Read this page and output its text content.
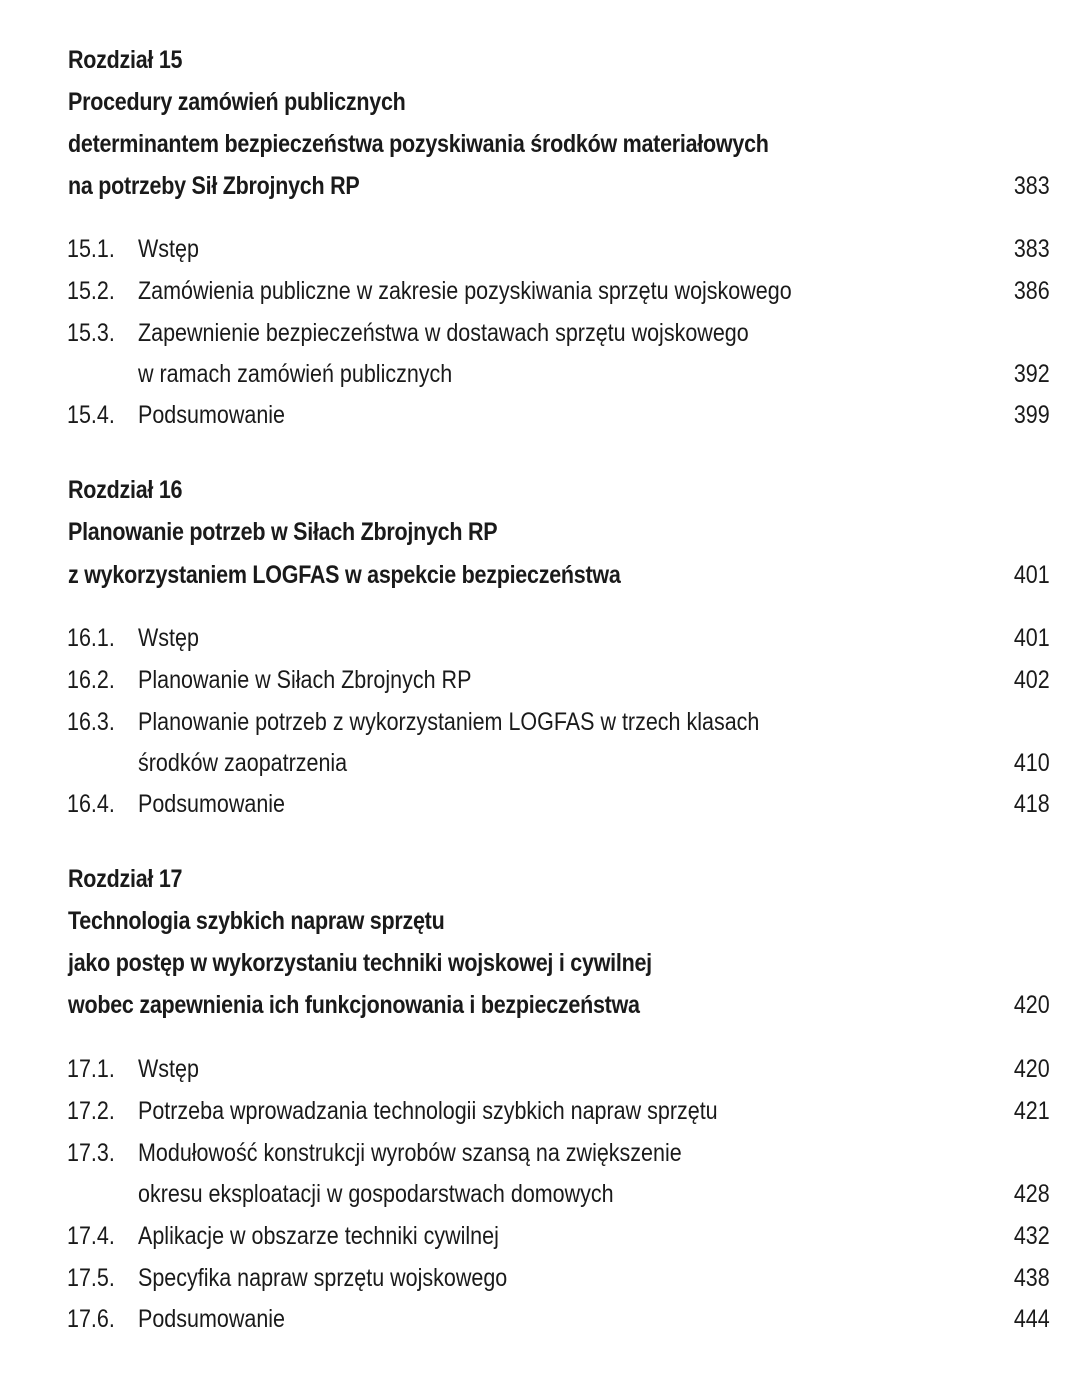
Rozdział 15
Procedury zamówień publicznych
determinantem bezpieczeństwa pozyskiwania środków materiałowych
na potrzeby Sił Zbrojnych RP	383
15.1. Wstęp	383
15.2. Zamówienia publiczne w zakresie pozyskiwania sprzętu wojskowego	386
15.3. Zapewnienie bezpieczeństwa w dostawach sprzętu wojskowego
w ramach zamówień publicznych	392
15.4. Podsumowanie	399
Rozdział 16
Planowanie potrzeb w Siłach Zbrojnych RP
z wykorzystaniem LOGFAS w aspekcie bezpieczeństwa	401
16.1. Wstęp	401
16.2. Planowanie w Siłach Zbrojnych RP	402
16.3. Planowanie potrzeb z wykorzystaniem LOGFAS w trzech klasach
środków zaopatrzenia	410
16.4. Podsumowanie	418
Rozdział 17
Technologia szybkich napraw sprzętu
jako postęp w wykorzystaniu techniki wojskowej i cywilnej
wobec zapewnienia ich funkcjonowania i bezpieczeństwa	420
17.1. Wstęp	420
17.2. Potrzeba wprowadzania technologii szybkich napraw sprzętu	421
17.3. Modułowość konstrukcji wyrobów szansą na zwiększenie
okresu eksploatacji w gospodarstwach domowych	428
17.4. Aplikacje w obszarze techniki cywilnej	432
17.5. Specyfika napraw sprzętu wojskowego	438
17.6. Podsumowanie	444
